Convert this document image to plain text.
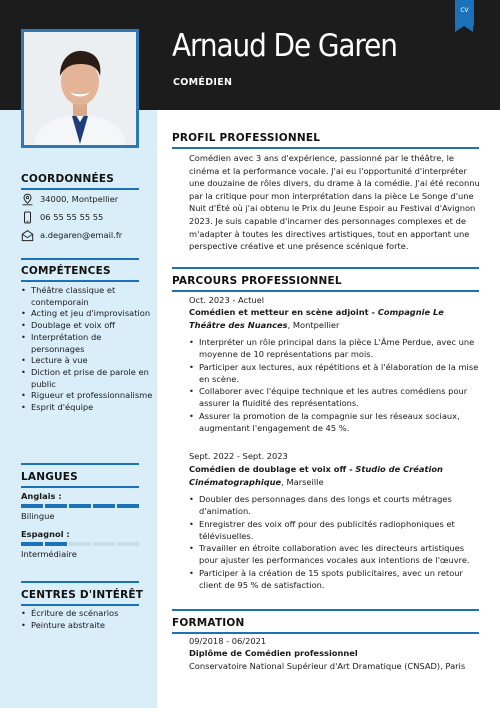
CV
Arnaud De Garen
COMÉDIEN
COORDONNÉES
34000, Montpellier
06 55 55 55 55
a.degaren@email.fr
COMPÉTENCES
• Théâtre classique et contemporain
• Acting et jeu d'improvisation
• Doublage et voix off
• Interprétation de personnages
• Lecture à vue
• Diction et prise de parole en public
• Rigueur et professionnalisme
• Esprit d'équipe
LANGUES
Anglais :
Bilingue
Espagnol :
Intermédiaire
CENTRES D'INTÉRÊT
• Écriture de scénarios
• Peinture abstraite
PROFIL PROFESSIONNEL
Comédien avec 3 ans d'expérience, passionné par le théâtre, le cinéma et la performance vocale. J'ai eu l'opportunité d'interpréter une douzaine de rôles divers, du drame à la comédie. J'ai été reconnu par la critique pour mon interprétation dans la pièce Le Songe d'une Nuit d'Été où j'ai obtenu le Prix du Jeune Espoir au Festival d'Avignon 2023. Je suis capable d'incarner des personnages complexes et de m'adapter à toutes les directives artistiques, tout en apportant une perspective créative et une présence scénique forte.
PARCOURS PROFESSIONNEL
Oct. 2023 - Actuel
Comédien et metteur en scène adjoint - Compagnie Le Théâtre des Nuances, Montpellier
• Interpréter un rôle principal dans la pièce L'Âme Perdue, avec une moyenne de 10 représentations par mois.
• Participer aux lectures, aux répétitions et à l'élaboration de la mise en scène.
• Collaborer avec l'équipe technique et les autres comédiens pour assurer la fluidité des représentations.
• Assurer la promotion de la compagnie sur les réseaux sociaux, augmentant l'engagement de 45 %.
Sept. 2022 - Sept. 2023
Comédien de doublage et voix off - Studio de Création Cinématographique, Marseille
• Doubler des personnages dans des longs et courts métrages d'animation.
• Enregistrer des voix off pour des publicités radiophoniques et télévisuelles.
• Travailler en étroite collaboration avec les directeurs artistiques pour ajuster les performances vocales aux intentions de l'œuvre.
• Participer à la création de 15 spots publicitaires, avec un retour client de 95 % de satisfaction.
FORMATION
09/2018 - 06/2021
Diplôme de Comédien professionnel
Conservatoire National Supérieur d'Art Dramatique (CNSAD), Paris
